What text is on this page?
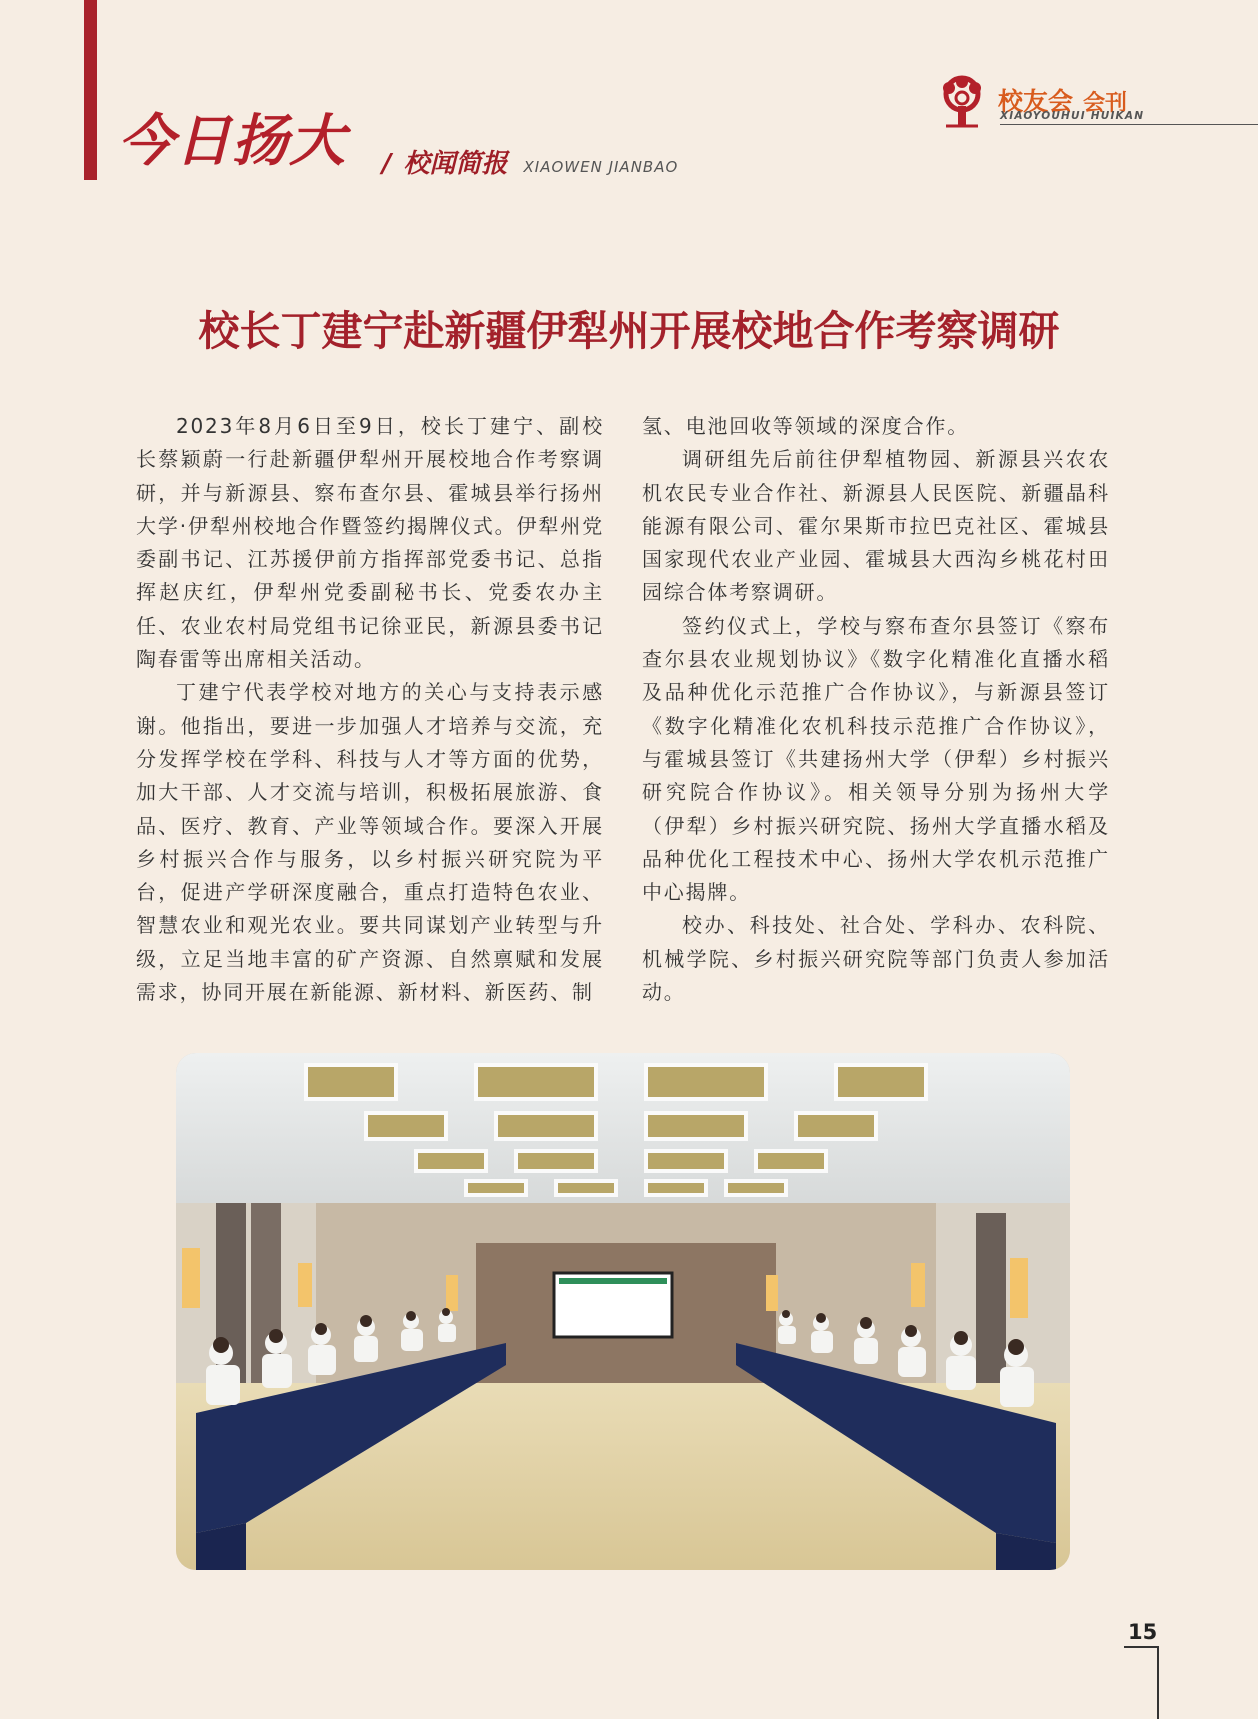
今日扬大 / 校闻简报 XIAOWEN JIANBAO
校友会 会刊
XIAOYOUHUI HUIKAN
校长丁建宁赴新疆伊犁州开展校地合作考察调研

2023年8月6日至9日，校长丁建宁、副校长蔡颖蔚一行赴新疆伊犁州开展校地合作考察调研，并与新源县、察布查尔县、霍城县举行扬州大学·伊犁州校地合作暨签约揭牌仪式。伊犁州党委副书记、江苏援伊前方指挥部党委书记、总指挥赵庆红，伊犁州党委副秘书长、党委农办主任、农业农村局党组书记徐亚民，新源县委书记陶春雷等出席相关活动。

丁建宁代表学校对地方的关心与支持表示感谢。他指出，要进一步加强人才培养与交流，充分发挥学校在学科、科技与人才等方面的优势，加大干部、人才交流与培训，积极拓展旅游、食品、医疗、教育、产业等领域合作。要深入开展乡村振兴合作与服务，以乡村振兴研究院为平台，促进产学研深度融合，重点打造特色农业、智慧农业和观光农业。要共同谋划产业转型与升级，立足当地丰富的矿产资源、自然禀赋和发展需求，协同开展在新能源、新材料、新医药、制

氢、电池回收等领域的深度合作。

调研组先后前往伊犁植物园、新源县兴农农机农民专业合作社、新源县人民医院、新疆晶科能源有限公司、霍尔果斯市拉巴克社区、霍城县国家现代农业产业园、霍城县大西沟乡桃花村田园综合体考察调研。

签约仪式上，学校与察布查尔县签订《察布查尔县农业规划协议》《数字化精准化直播水稻及品种优化示范推广合作协议》，与新源县签订《数字化精准化农机科技示范推广合作协议》，与霍城县签订《共建扬州大学（伊犁）乡村振兴研究院合作协议》。相关领导分别为扬州大学（伊犁）乡村振兴研究院、扬州大学直播水稻及品种优化工程技术中心、扬州大学农机示范推广中心揭牌。

校办、科技处、社合处、学科办、农科院、机械学院、乡村振兴研究院等部门负责人参加活动。

15
